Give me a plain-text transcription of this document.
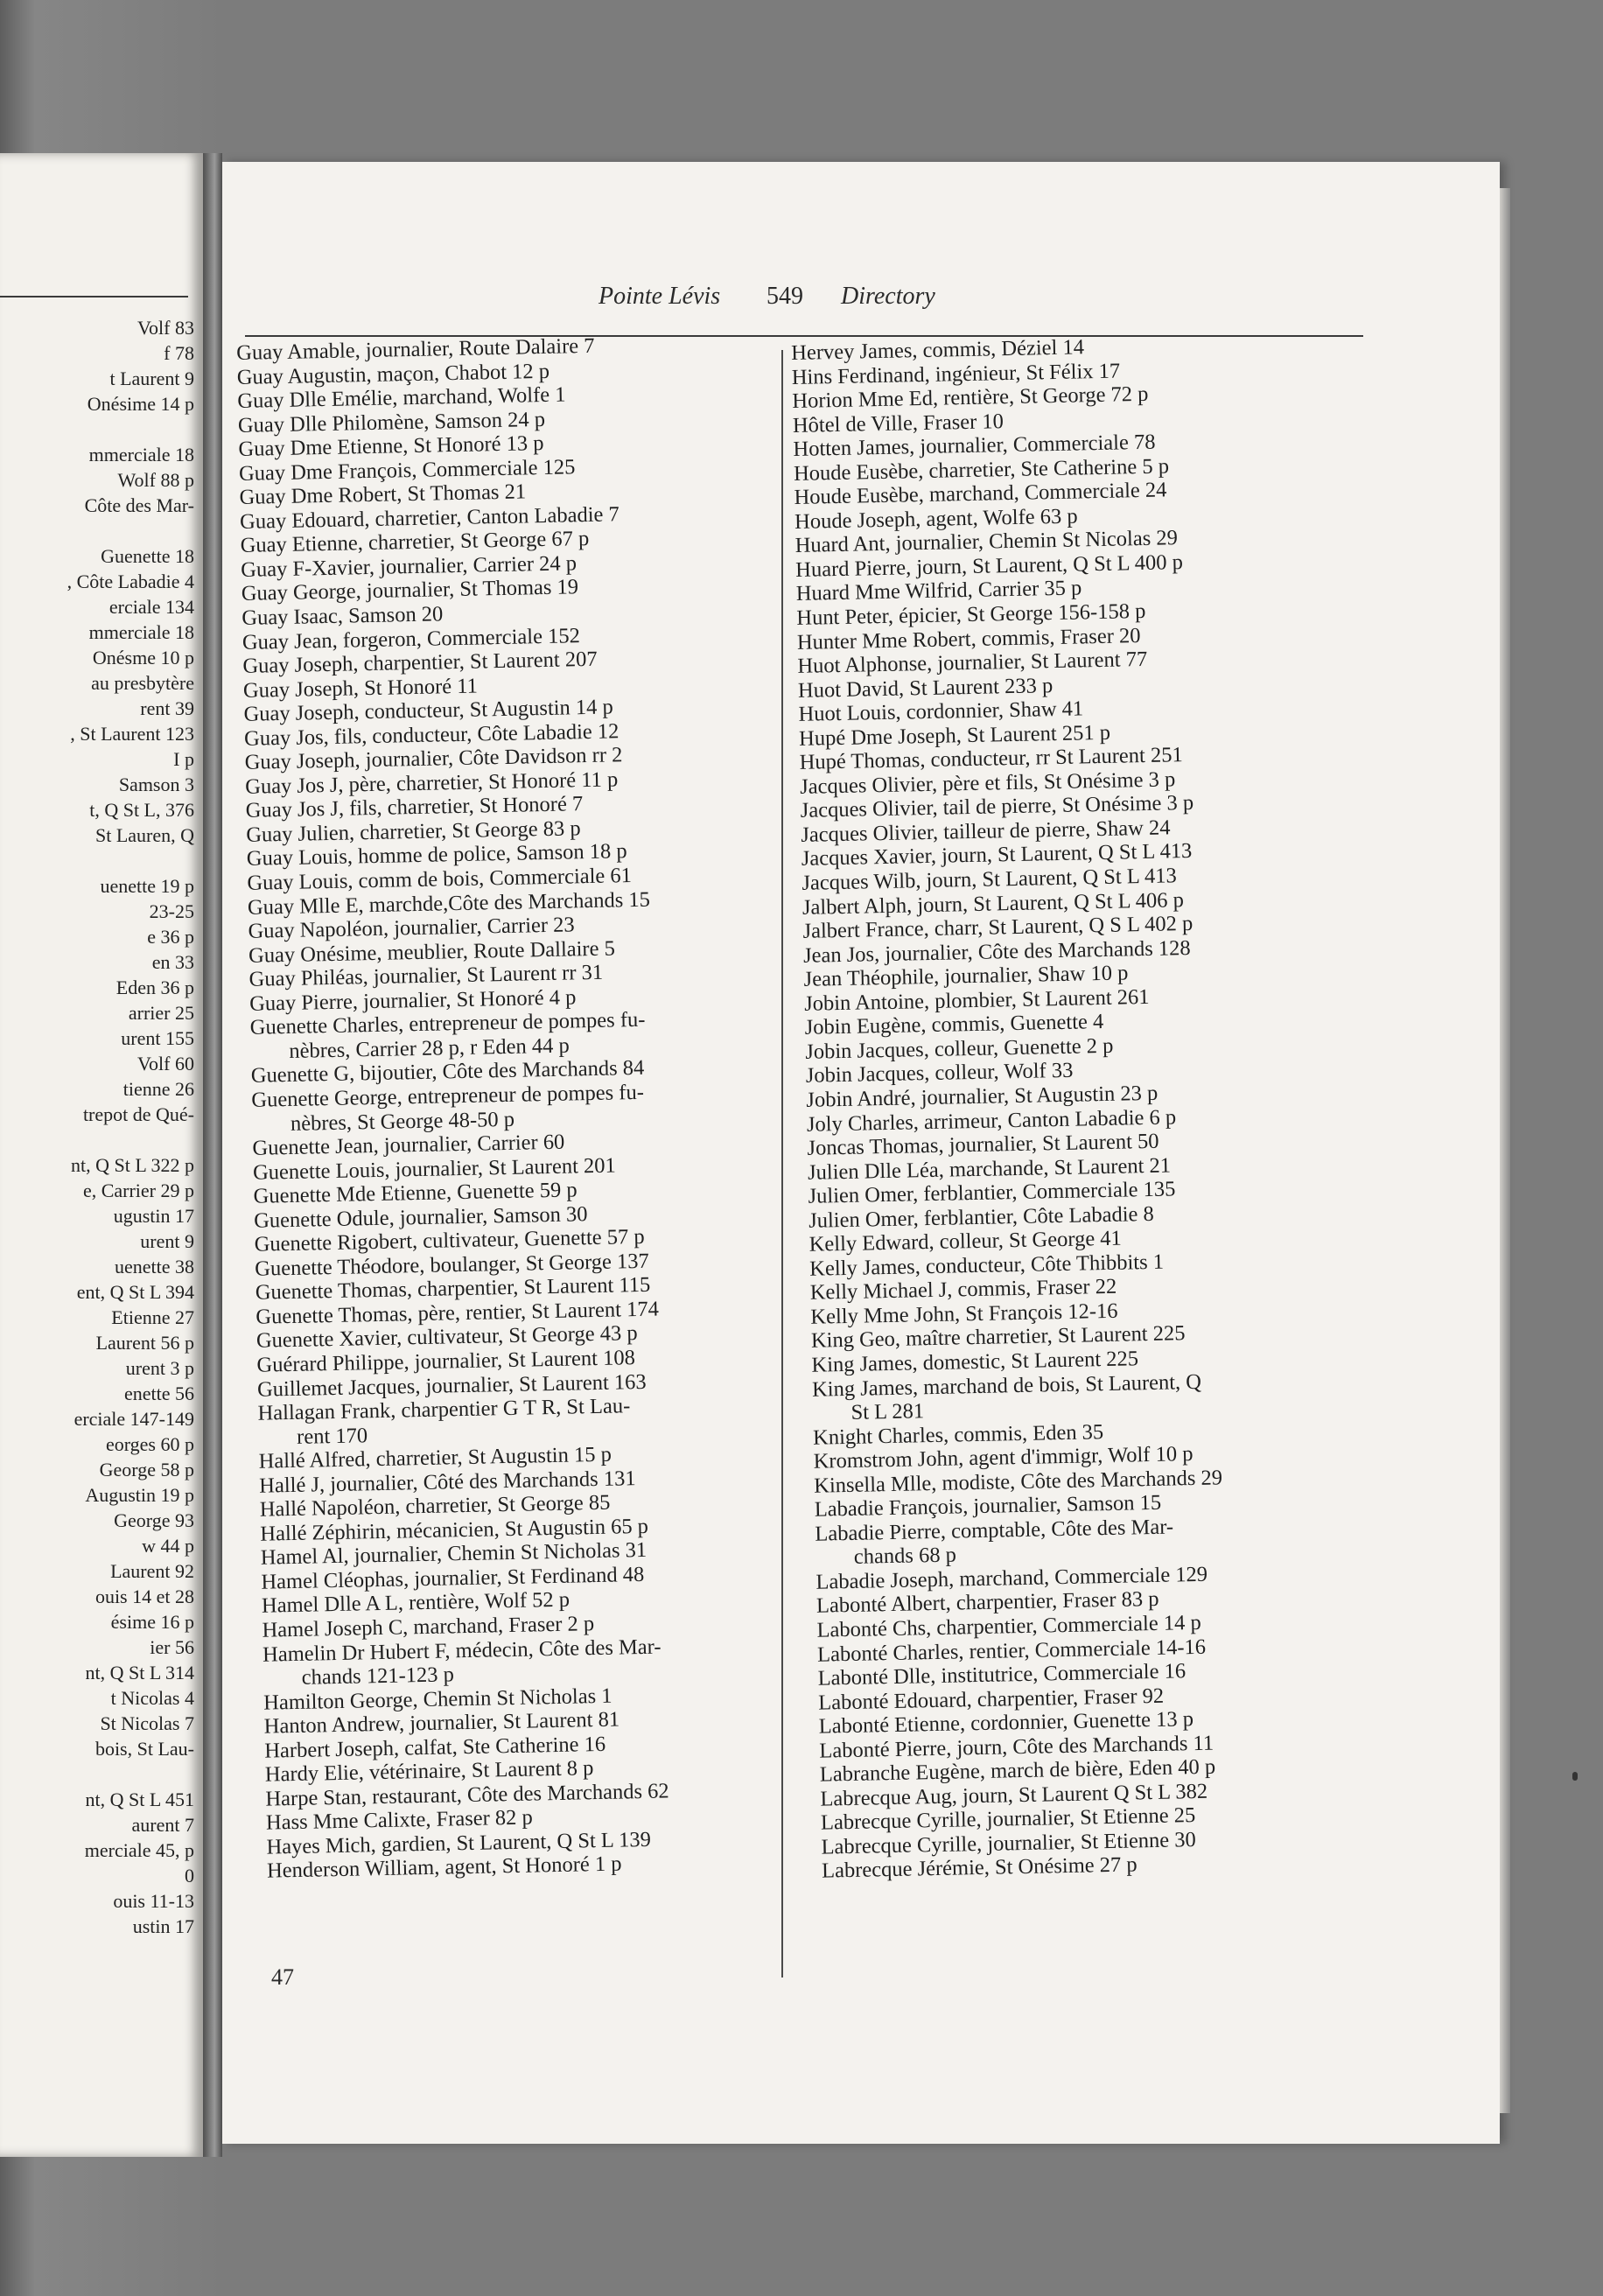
Volf 83
f 78
t Laurent 9
Onésime 14 p

mmerciale 18
Wolf 88 p
Côte des Mar-

Guenette 18
, Côte Labadie 4
erciale 134
mmerciale 18
Onésme 10 p
au presbytère
rent 39
, St Laurent 123
I p
Samson 3
t, Q St L, 376
St Lauren, Q

uenette 19 p
23-25
e 36 p
en 33
Eden 36 p
arrier 25
urent 155
Volf 60
tienne 26
trepot de Qué-

nt, Q St L 322 p
e, Carrier 29 p
ugustin 17
urent 9
uenette 38
ent, Q St L 394
Etienne 27
Laurent 56 p
urent 3 p
enette 56
erciale 147-149
eorges 60 p
George 58 p
Augustin 19 p
George 93
w 44 p
Laurent 92
ouis 14 et 28
ésime 16 p
ier 56
nt, Q St L 314
t Nicolas 4
St Nicolas 7
bois, St Lau-

nt, Q St L 451
aurent 7
merciale 45, p
0
ouis 11-13
ustin 17
Pointe Lévis 549 Directory
Guay Amable, journalier, Route Dalaire 7
Guay Augustin, maçon, Chabot 12 p
Guay Dlle Emélie, marchand, Wolfe 1
Guay Dlle Philomène, Samson 24 p
Guay Dme Etienne, St Honoré 13 p
Guay Dme François, Commerciale 125
Guay Dme Robert, St Thomas 21
Guay Edouard, charretier, Canton Labadie 7
Guay Etienne, charretier, St George 67 p
Guay F-Xavier, journalier, Carrier 24 p
Guay George, journalier, St Thomas 19
Guay Isaac, Samson 20
Guay Jean, forgeron, Commerciale 152
Guay Joseph, charpentier, St Laurent 207
Guay Joseph, St Honoré 11
Guay Joseph, conducteur, St Augustin 14 p
Guay Jos, fils, conducteur, Côte Labadie 12
Guay Joseph, journalier, Côte Davidson rr 2
Guay Jos J, père, charretier, St Honoré 11 p
Guay Jos J, fils, charretier, St Honoré 7
Guay Julien, charretier, St George 83 p
Guay Louis, homme de police, Samson 18 p
Guay Louis, comm de bois, Commerciale 61
Guay Mlle E, marchde,Côte des Marchands 15
Guay Napoléon, journalier, Carrier 23
Guay Onésime, meublier, Route Dallaire 5
Guay Philéas, journalier, St Laurent rr 31
Guay Pierre, journalier, St Honoré 4 p
Guenette Charles, entrepreneur de pompes fu-
nèbres, Carrier 28 p, r Eden 44 p
Guenette G, bijoutier, Côte des Marchands 84
Guenette George, entrepreneur de pompes fu-
nèbres, St George 48-50 p
Guenette Jean, journalier, Carrier 60
Guenette Louis, journalier, St Laurent 201
Guenette Mde Etienne, Guenette 59 p
Guenette Odule, journalier, Samson 30
Guenette Rigobert, cultivateur, Guenette 57 p
Guenette Théodore, boulanger, St George 137
Guenette Thomas, charpentier, St Laurent 115
Guenette Thomas, père, rentier, St Laurent 174
Guenette Xavier, cultivateur, St George 43 p
Guérard Philippe, journalier, St Laurent 108
Guillemet Jacques, journalier, St Laurent 163
Hallagan Frank, charpentier G T R, St Lau-
rent 170
Hallé Alfred, charretier, St Augustin 15 p
Hallé J, journalier, Côté des Marchands 131
Hallé Napoléon, charretier, St George 85
Hallé Zéphirin, mécanicien, St Augustin 65 p
Hamel Al, journalier, Chemin St Nicholas 31
Hamel Cléophas, journalier, St Ferdinand 48
Hamel Dlle A L, rentière, Wolf 52 p
Hamel Joseph C, marchand, Fraser 2 p
Hamelin Dr Hubert F, médecin, Côte des Mar-
chands 121-123 p
Hamilton George, Chemin St Nicholas 1
Hanton Andrew, journalier, St Laurent 81
Harbert Joseph, calfat, Ste Catherine 16
Hardy Elie, vétérinaire, St Laurent 8 p
Harpe Stan, restaurant, Côte des Marchands 62
Hass Mme Calixte, Fraser 82 p
Hayes Mich, gardien, St Laurent, Q St L 139
Henderson William, agent, St Honoré 1 p
Hervey James, commis, Déziel 14
Hins Ferdinand, ingénieur, St Félix 17
Horion Mme Ed, rentière, St George 72 p
Hôtel de Ville, Fraser 10
Hotten James, journalier, Commerciale 78
Houde Eusèbe, charretier, Ste Catherine 5 p
Houde Eusèbe, marchand, Commerciale 24
Houde Joseph, agent, Wolfe 63 p
Huard Ant, journalier, Chemin St Nicolas 29
Huard Pierre, journ, St Laurent, Q St L 400 p
Huard Mme Wilfrid, Carrier 35 p
Hunt Peter, épicier, St George 156-158 p
Hunter Mme Robert, commis, Fraser 20
Huot Alphonse, journalier, St Laurent 77
Huot David, St Laurent 233 p
Huot Louis, cordonnier, Shaw 41
Hupé Dme Joseph, St Laurent 251 p
Hupé Thomas, conducteur, rr St Laurent 251
Jacques Olivier, père et fils, St Onésime 3 p
Jacques Olivier, tail de pierre, St Onésime 3 p
Jacques Olivier, tailleur de pierre, Shaw 24
Jacques Xavier, journ, St Laurent, Q St L 413
Jacques Wilb, journ, St Laurent, Q St L 413
Jalbert Alph, journ, St Laurent, Q St L 406 p
Jalbert France, charr, St Laurent, Q S L 402 p
Jean Jos, journalier, Côte des Marchands 128
Jean Théophile, journalier, Shaw 10 p
Jobin Antoine, plombier, St Laurent 261
Jobin Eugène, commis, Guenette 4
Jobin Jacques, colleur, Guenette 2 p
Jobin Jacques, colleur, Wolf 33
Jobin André, journalier, St Augustin 23 p
Joly Charles, arrimeur, Canton Labadie 6 p
Joncas Thomas, journalier, St Laurent 50
Julien Dlle Léa, marchande, St Laurent 21
Julien Omer, ferblantier, Commerciale 135
Julien Omer, ferblantier, Côte Labadie 8
Kelly Edward, colleur, St George 41
Kelly James, conducteur, Côte Thibbits 1
Kelly Michael J, commis, Fraser 22
Kelly Mme John, St François 12-16
King Geo, maître charretier, St Laurent 225
King James, domestic, St Laurent 225
King James, marchand de bois, St Laurent, Q
St L 281
Knight Charles, commis, Eden 35
Kromstrom John, agent d'immigr, Wolf 10 p
Kinsella Mlle, modiste, Côte des Marchands 29
Labadie François, journalier, Samson 15
Labadie Pierre, comptable, Côte des Mar-
chands 68 p
Labadie Joseph, marchand, Commerciale 129
Labonté Albert, charpentier, Fraser 83 p
Labonté Chs, charpentier, Commerciale 14 p
Labonté Charles, rentier, Commerciale 14-16
Labonté Dlle, institutrice, Commerciale 16
Labonté Edouard, charpentier, Fraser 92
Labonté Etienne, cordonnier, Guenette 13 p
Labonté Pierre, journ, Côte des Marchands 11
Labranche Eugène, march de bière, Eden 40 p
Labrecque Aug, journ, St Laurent Q St L 382
Labrecque Cyrille, journalier, St Etienne 25
Labrecque Cyrille, journalier, St Etienne 30
Labrecque Jérémie, St Onésime 27 p
47
